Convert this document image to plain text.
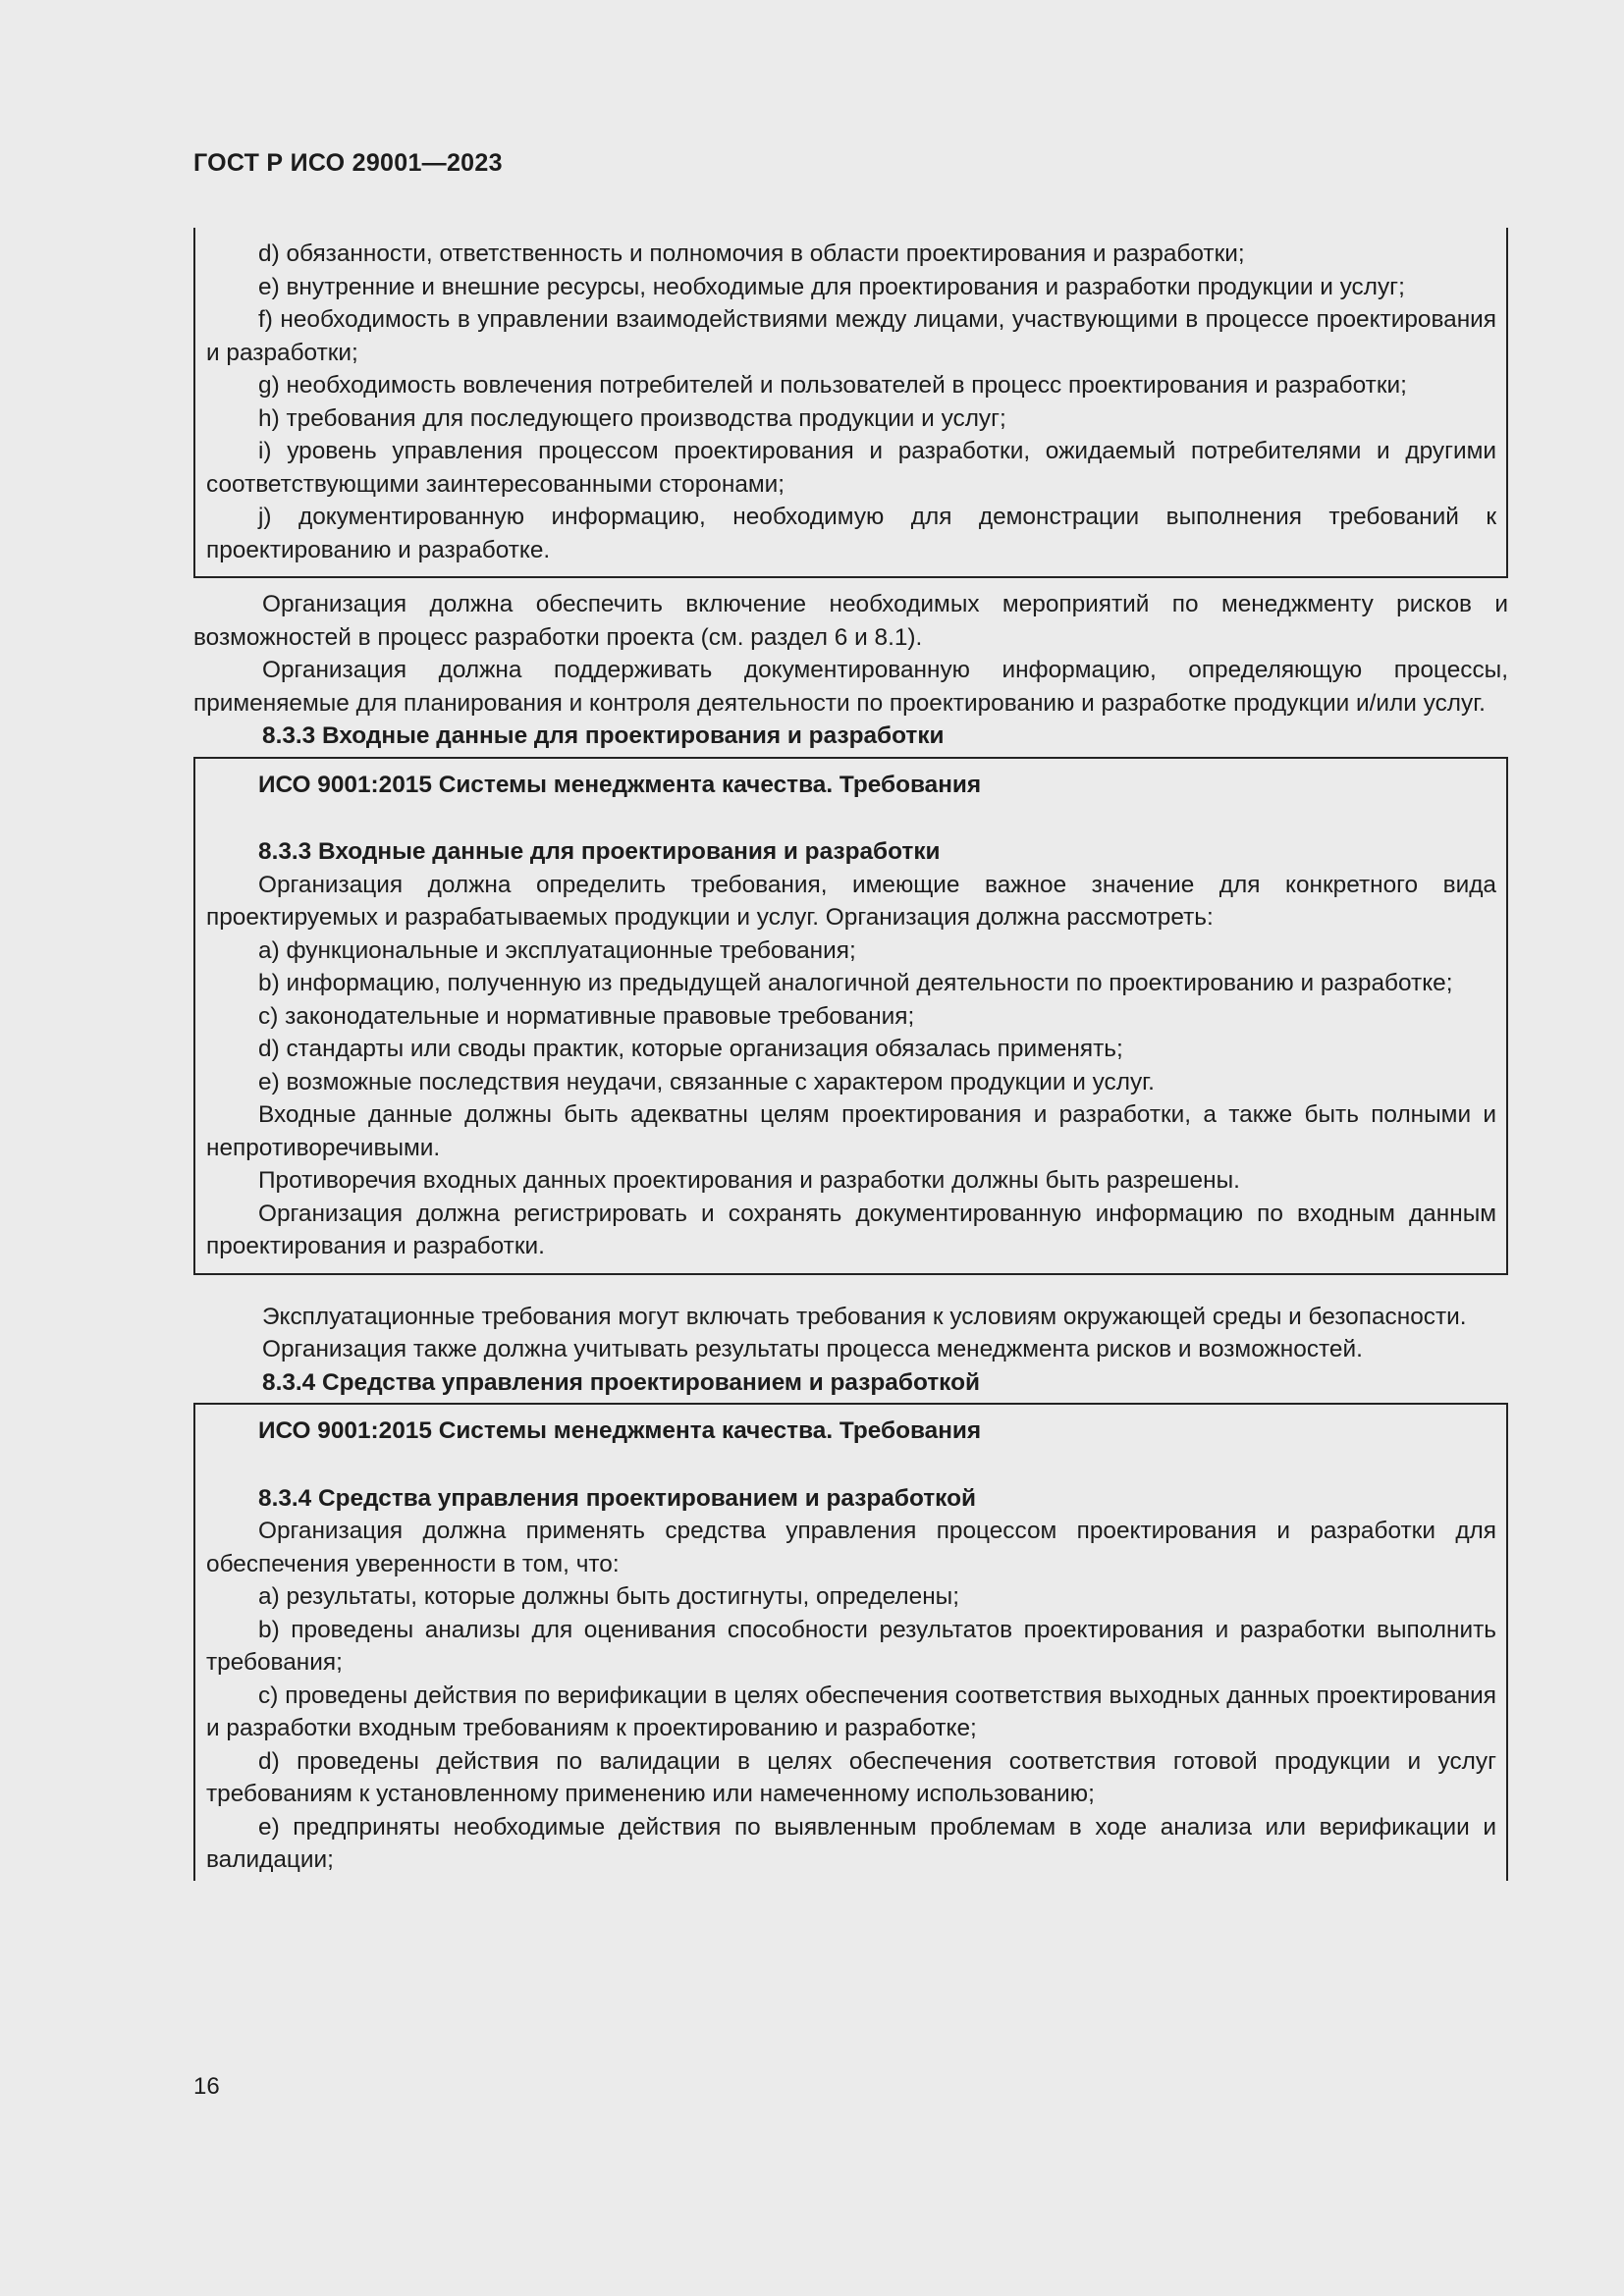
ГОСТ Р ИСО 29001—2023

d) обязанности, ответственность и полномочия в области проектирования и разработки;

e) внутренние и внешние ресурсы, необходимые для проектирования и разработки продукции и услуг;

f) необходимость в управлении взаимодействиями между лицами, участвующими в процессе проектирования и разработки;

g) необходимость вовлечения потребителей и пользователей в процесс проектирования и разработки;

h) требования для последующего производства продукции и услуг;

i) уровень управления процессом проектирования и разработки, ожидаемый потребителями и другими соответствующими заинтересованными сторонами;

j) документированную информацию, необходимую для демонстрации выполнения требований к проектированию и разработке.

Организация должна обеспечить включение необходимых мероприятий по менеджменту рисков и возможностей в процесс разработки проекта (см. раздел 6 и 8.1).

Организация должна поддерживать документированную информацию, определяющую процессы, применяемые для планирования и контроля деятельности по проектированию и разработке продукции и/или услуг.

8.3.3 Входные данные для проектирования и разработки

ИСО 9001:2015 Системы менеджмента качества. Требования

8.3.3 Входные данные для проектирования и разработки

Организация должна определить требования, имеющие важное значение для конкретного вида проектируемых и разрабатываемых продукции и услуг. Организация должна рассмотреть:

a) функциональные и эксплуатационные требования;

b) информацию, полученную из предыдущей аналогичной деятельности по проектированию и разработке;

c) законодательные и нормативные правовые требования;

d) стандарты или своды практик, которые организация обязалась применять;

e) возможные последствия неудачи, связанные с характером продукции и услуг.

Входные данные должны быть адекватны целям проектирования и разработки, а также быть полными и непротиворечивыми.

Противоречия входных данных проектирования и разработки должны быть разрешены.

Организация должна регистрировать и сохранять документированную информацию по входным данным проектирования и разработки.

Эксплуатационные требования могут включать требования к условиям окружающей среды и безопасности.

Организация также должна учитывать результаты процесса менеджмента рисков и возможностей.

8.3.4 Средства управления проектированием и разработкой

ИСО 9001:2015 Системы менеджмента качества. Требования

8.3.4 Средства управления проектированием и разработкой

Организация должна применять средства управления процессом проектирования и разработки для обеспечения уверенности в том, что:

a) результаты, которые должны быть достигнуты, определены;

b) проведены анализы для оценивания способности результатов проектирования и разработки выполнить требования;

c) проведены действия по верификации в целях обеспечения соответствия выходных данных проектирования и разработки входным требованиям к проектированию и разработке;

d) проведены действия по валидации в целях обеспечения соответствия готовой продукции и услуг требованиям к установленному применению или намеченному использованию;

e) предприняты необходимые действия по выявленным проблемам в ходе анализа или верификации и валидации;

16
